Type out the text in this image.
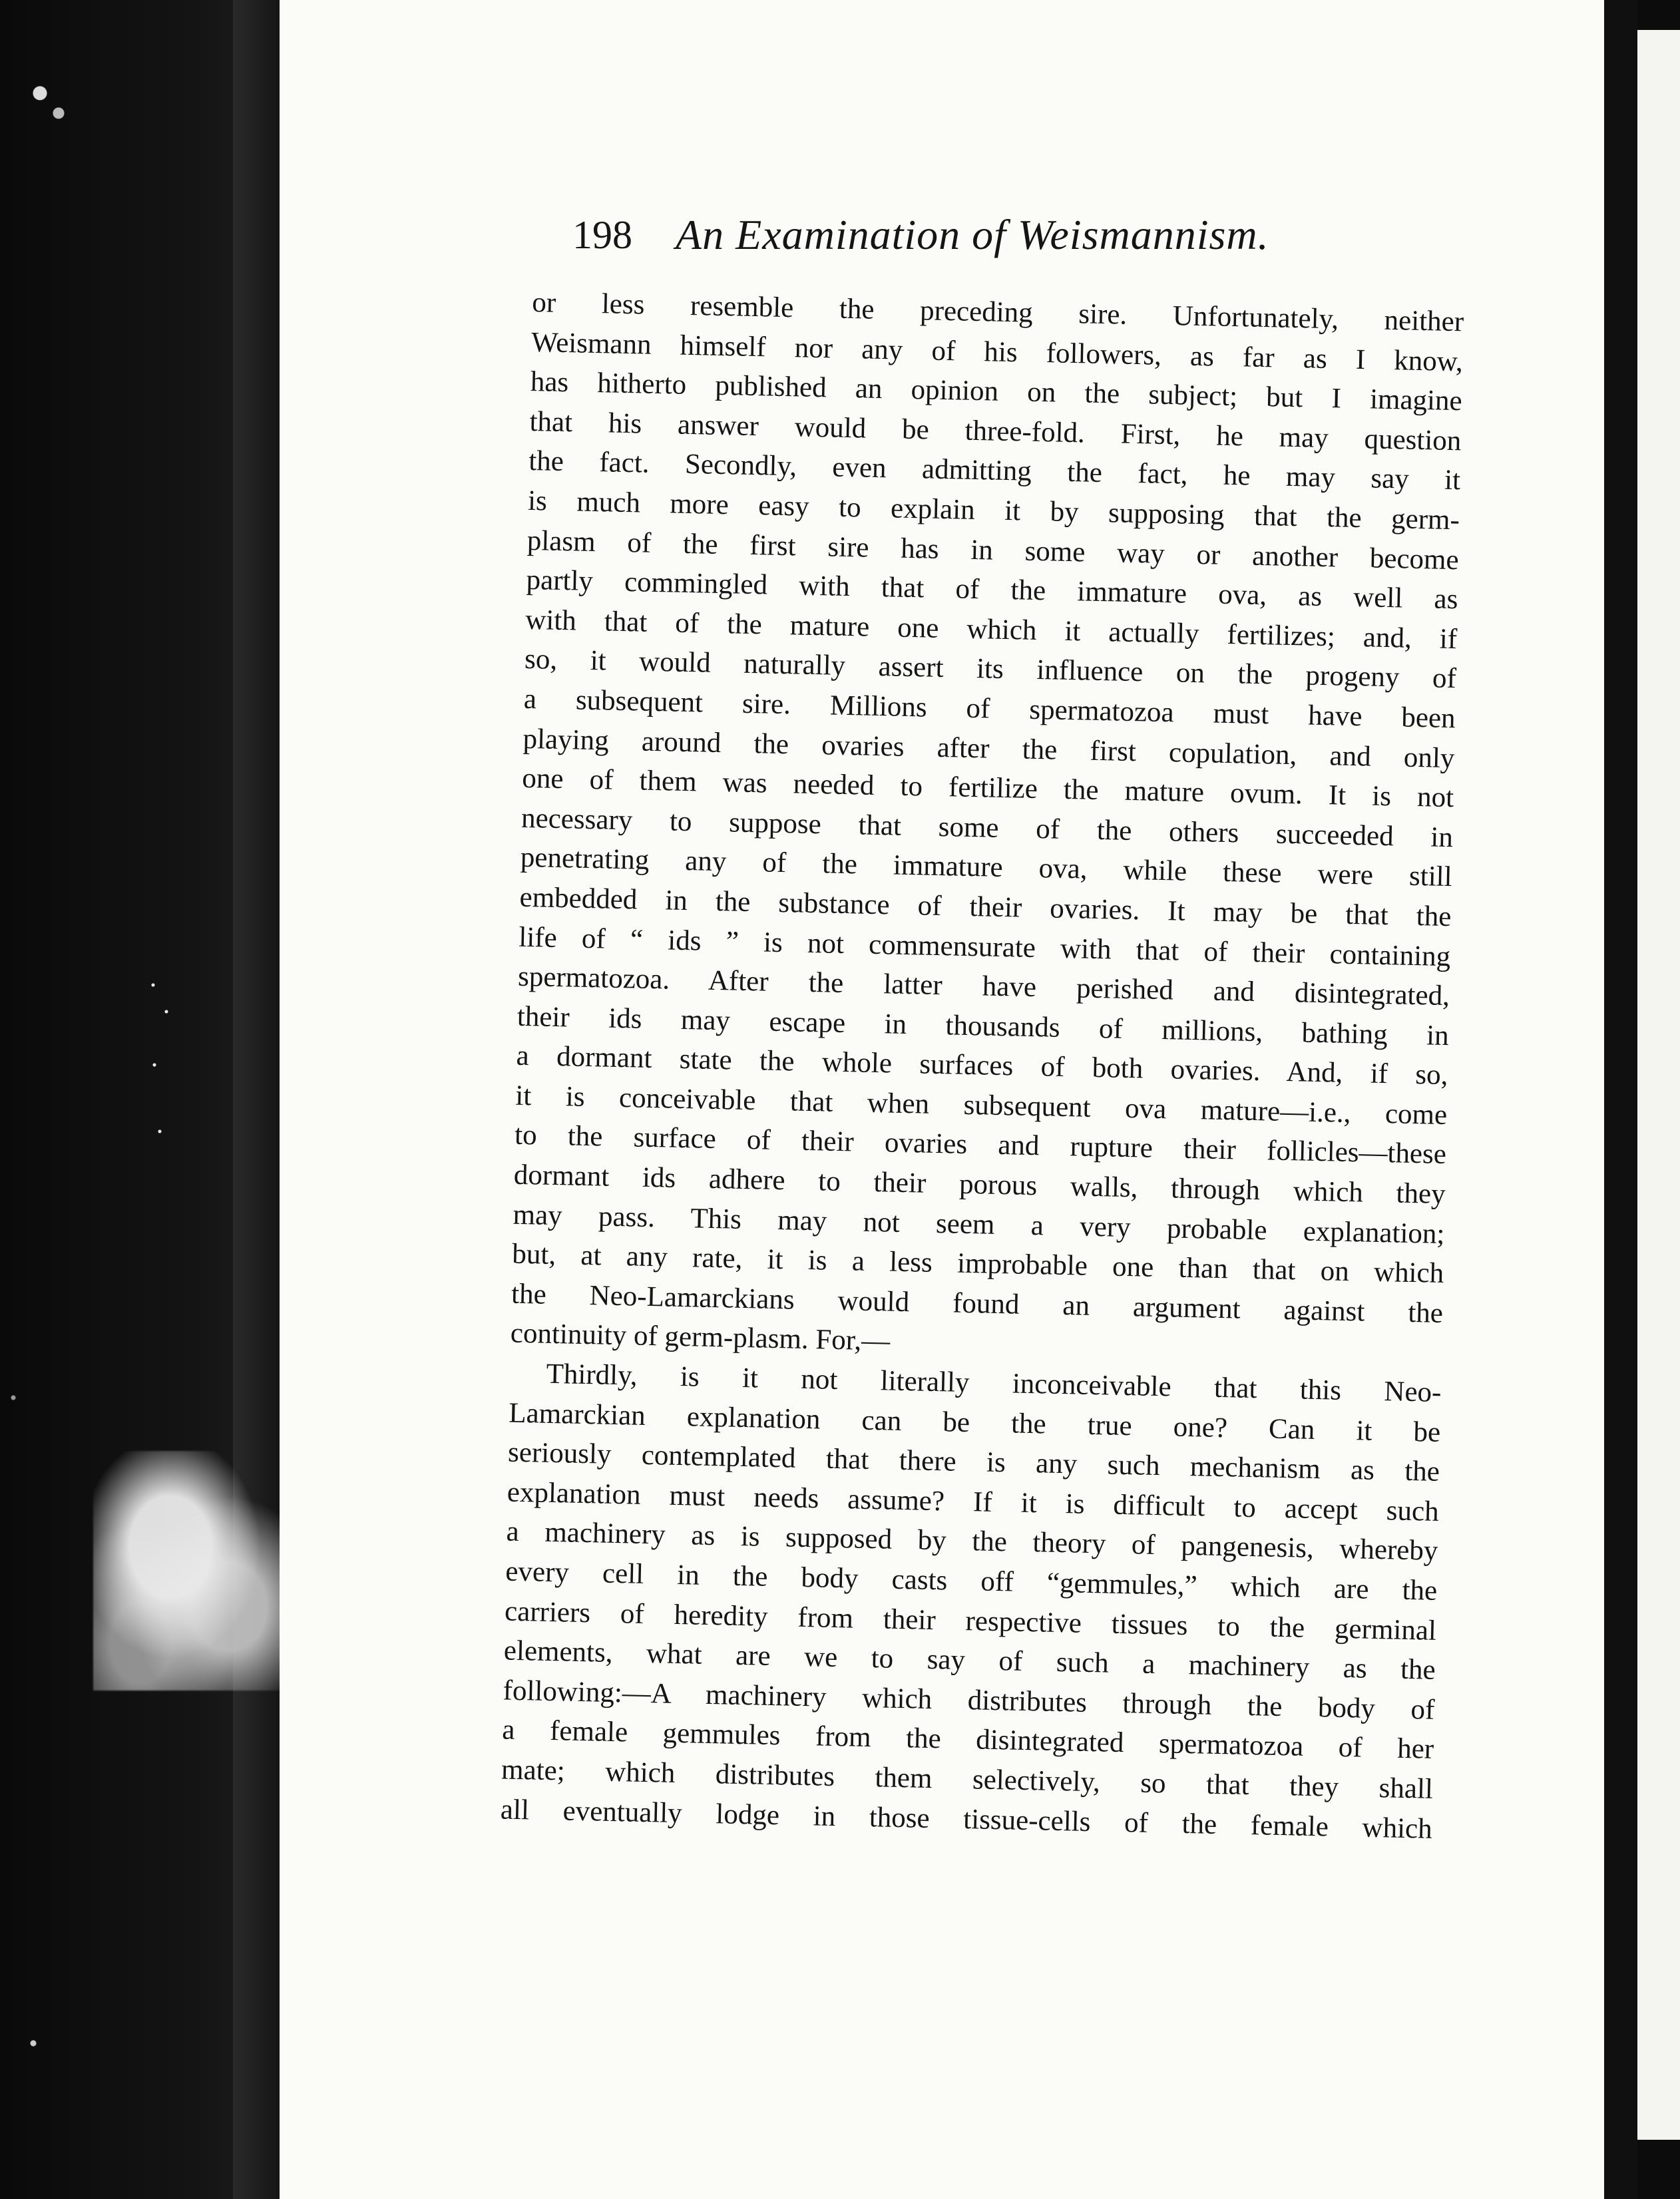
198 An Examination of Weismannism.
or less resemble the preceding sire. Unfortunately, neither
Weismann himself nor any of his followers, as far as I know,
has hitherto published an opinion on the subject; but I imagine
that his answer would be three-fold. First, he may question
the fact. Secondly, even admitting the fact, he may say it
is much more easy to explain it by supposing that the germ-
plasm of the first sire has in some way or another become
partly commingled with that of the immature ova, as well as
with that of the mature one which it actually fertilizes; and, if
so, it would naturally assert its influence on the progeny of
a subsequent sire. Millions of spermatozoa must have been
playing around the ovaries after the first copulation, and only
one of them was needed to fertilize the mature ovum. It is not
necessary to suppose that some of the others succeeded in
penetrating any of the immature ova, while these were still
embedded in the substance of their ovaries. It may be that the
life of “ ids ” is not commensurate with that of their containing
spermatozoa. After the latter have perished and disintegrated,
their ids may escape in thousands of millions, bathing in
a dormant state the whole surfaces of both ovaries. And, if so,
it is conceivable that when subsequent ova mature—i.e., come
to the surface of their ovaries and rupture their follicles—these
dormant ids adhere to their porous walls, through which they
may pass. This may not seem a very probable explanation;
but, at any rate, it is a less improbable one than that on which
the Neo-Lamarckians would found an argument against the
continuity of germ-plasm. For,—
Thirdly, is it not literally inconceivable that this Neo-
Lamarckian explanation can be the true one? Can it be
seriously contemplated that there is any such mechanism as the
explanation must needs assume? If it is difficult to accept such
a machinery as is supposed by the theory of pangenesis, whereby
every cell in the body casts off “gemmules,” which are the
carriers of heredity from their respective tissues to the germinal
elements, what are we to say of such a machinery as the
following:—A machinery which distributes through the body of
a female gemmules from the disintegrated spermatozoa of her
mate; which distributes them selectively, so that they shall
all eventually lodge in those tissue-cells of the female which
